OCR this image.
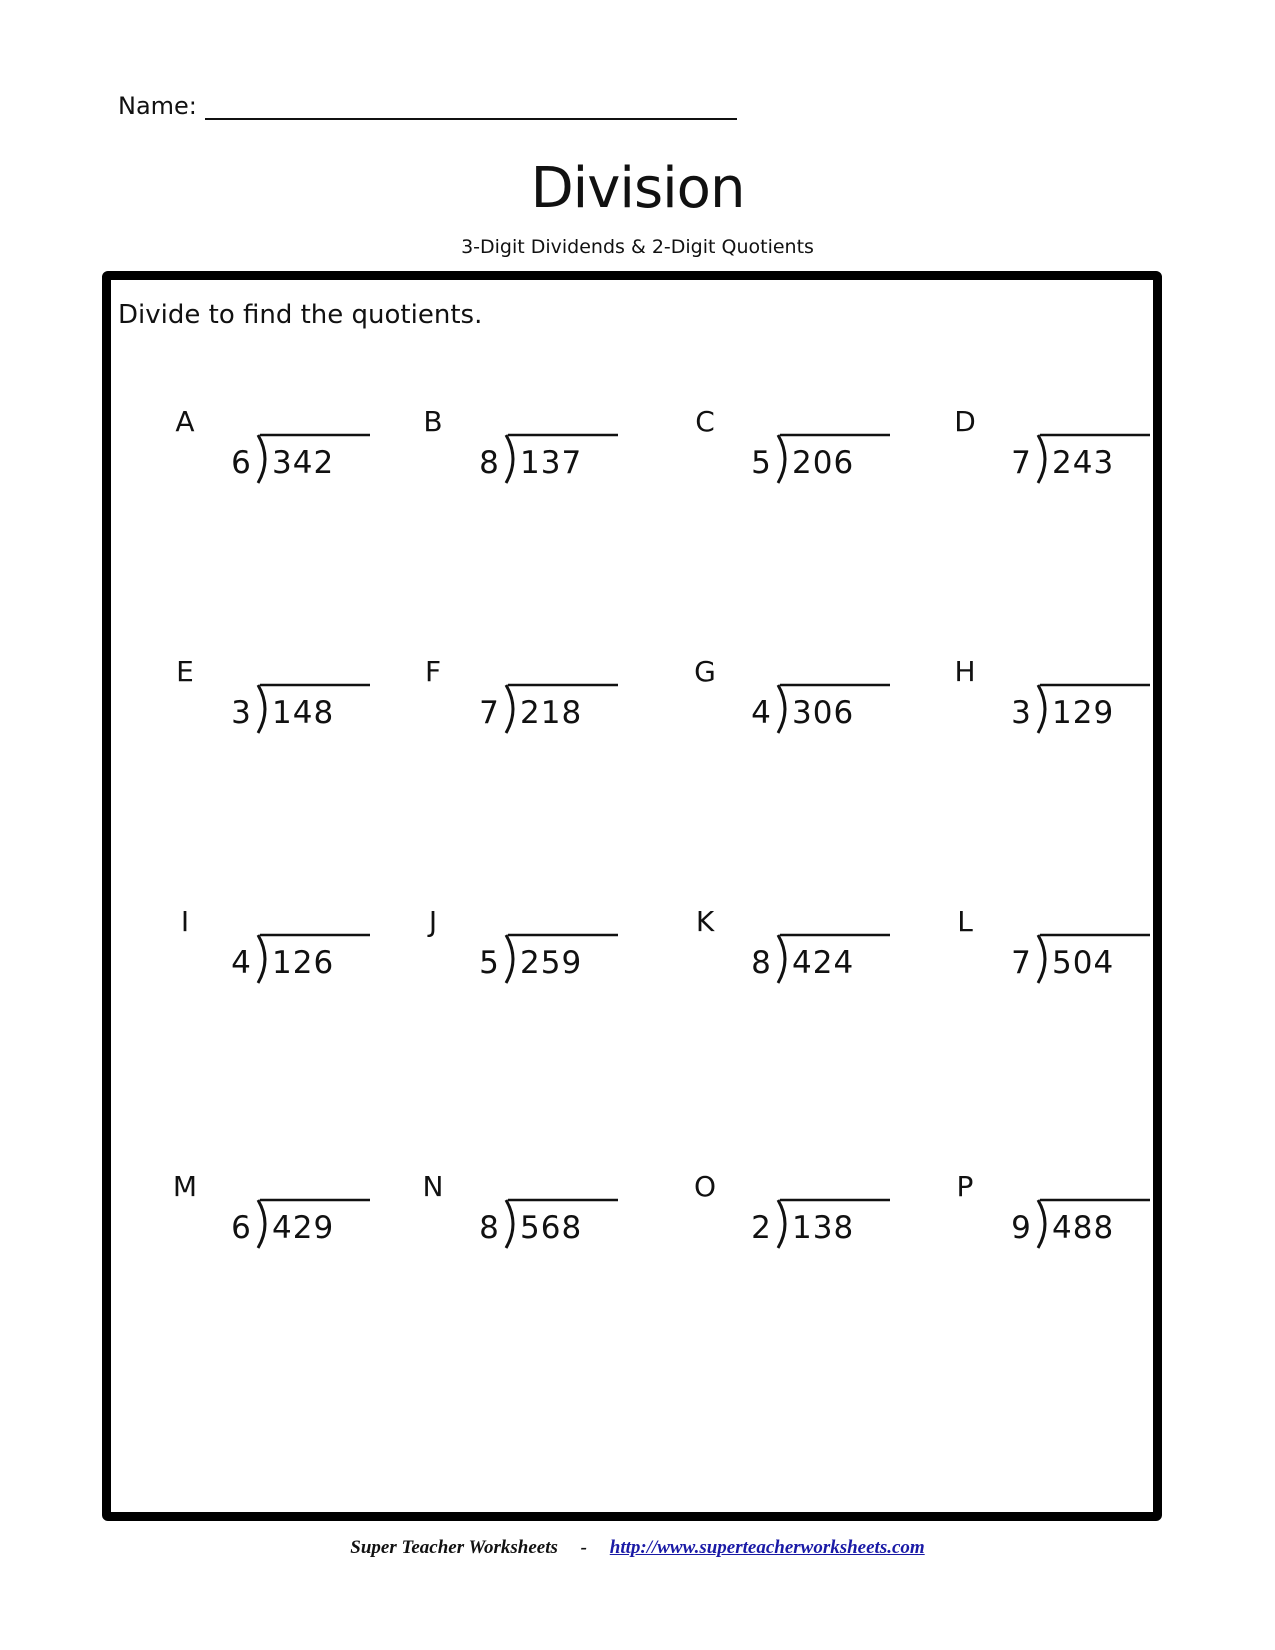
Name:
Division
3-Digit Dividends & 2-Digit Quotients
Divide to find the quotients.
A
6 342
B
8 137
C
5 206
D
7 243
E
3 148
F
7 218
G
4 306
H
3 129
I
4 126
J
5 259
K
8 424
L
7 504
M
6 429
N
8 568
O
2 138
P
9 488
Super Teacher Worksheets - http://www.superteacherworksheets.com
